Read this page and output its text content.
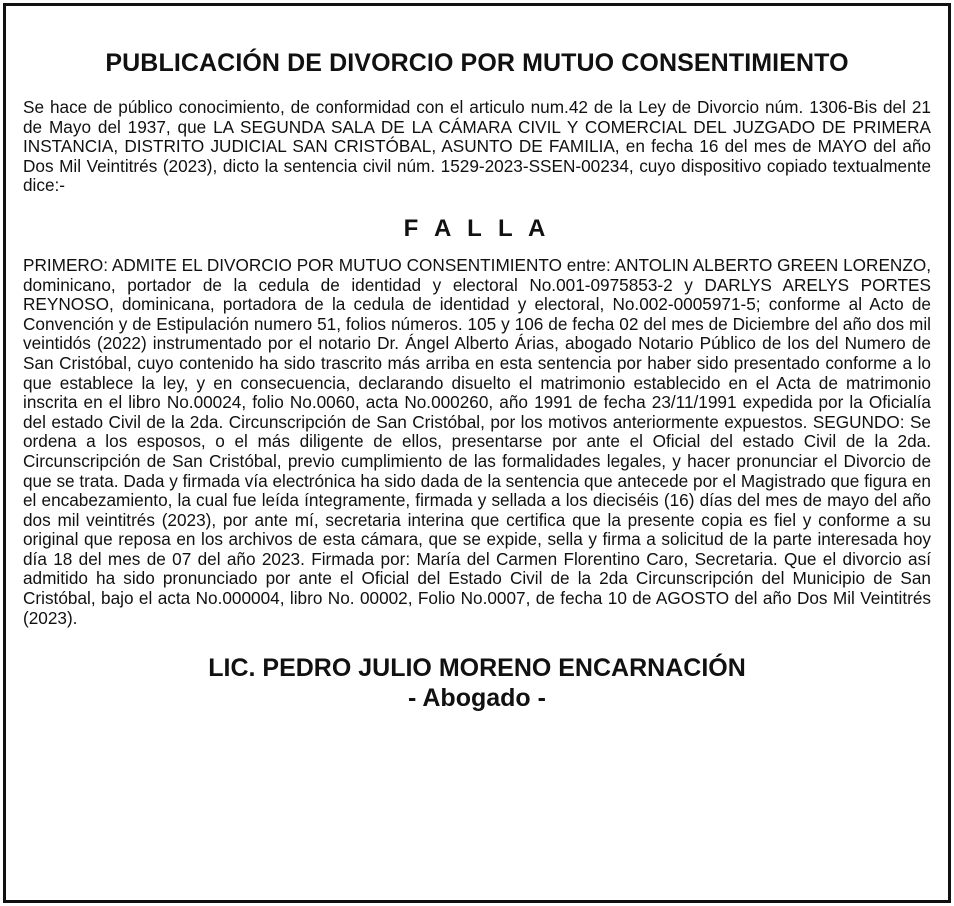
PUBLICACIÓN DE DIVORCIO POR MUTUO CONSENTIMIENTO

Se hace de público conocimiento, de conformidad con el articulo num.42 de la Ley de Divorcio núm. 1306-Bis del 21 de Mayo del 1937, que LA SEGUNDA SALA DE LA CÁMARA CIVIL Y COMERCIAL DEL JUZGADO DE PRIMERA INSTANCIA, DISTRITO JUDICIAL SAN CRISTÓBAL, ASUNTO DE FAMILIA, en fecha 16 del mes de MAYO del año Dos Mil Veintitrés (2023), dicto la sentencia civil núm. 1529-2023-SSEN-00234, cuyo dispositivo copiado textualmente dice:-

F A L L A

PRIMERO: ADMITE EL DIVORCIO POR MUTUO CONSENTIMIENTO entre: ANTOLIN ALBERTO GREEN LORENZO, dominicano, portador de la cedula de identidad y electoral No.001-0975853-2 y DARLYS ARELYS PORTES REYNOSO, dominicana, portadora de la cedula de identidad y electoral, No.002-0005971-5; conforme al Acto de Convención y de Estipulación numero 51, folios números. 105 y 106 de fecha 02 del mes de Diciembre del año dos mil veintidós (2022) instrumentado por el notario Dr. Ángel Alberto Árias, abogado Notario Público de los del Numero de San Cristóbal, cuyo contenido ha sido trascrito más arriba en esta sentencia por haber sido presentado conforme a lo que establece la ley, y en consecuencia, declarando disuelto el matrimonio establecido en el Acta de matrimonio inscrita en el libro No.00024, folio No.0060, acta No.000260, año 1991 de fecha 23/11/1991 expedida por la Oficialía del estado Civil de la 2da. Circunscripción de San Cristóbal, por los motivos anteriormente expuestos. SEGUNDO: Se ordena a los esposos, o el más diligente de ellos, presentarse por ante el Oficial del estado Civil de la 2da. Circunscripción de San Cristóbal, previo cumplimiento de las formalidades legales, y hacer pronunciar el Divorcio de que se trata. Dada y firmada vía electrónica ha sido dada de la sentencia que antecede por el Magistrado que figura en el encabezamiento, la cual fue leída íntegramente, firmada y sellada a los dieciséis (16) días del mes de mayo del año dos mil veintitrés (2023), por ante mí, secretaria interina que certifica que la presente copia es fiel y conforme a su original que reposa en los archivos de esta cámara, que se expide, sella y firma a solicitud de la parte interesada hoy día 18 del mes de 07 del año 2023. Firmada por: María del Carmen Florentino Caro, Secretaria. Que el divorcio así admitido ha sido pronunciado por ante el Oficial del Estado Civil de la 2da Circunscripción del Municipio de San Cristóbal, bajo el acta No.000004, libro No. 00002, Folio No.0007, de fecha 10 de AGOSTO del año Dos Mil Veintitrés (2023).

LIC. PEDRO JULIO MORENO ENCARNACIÓN
- Abogado -
